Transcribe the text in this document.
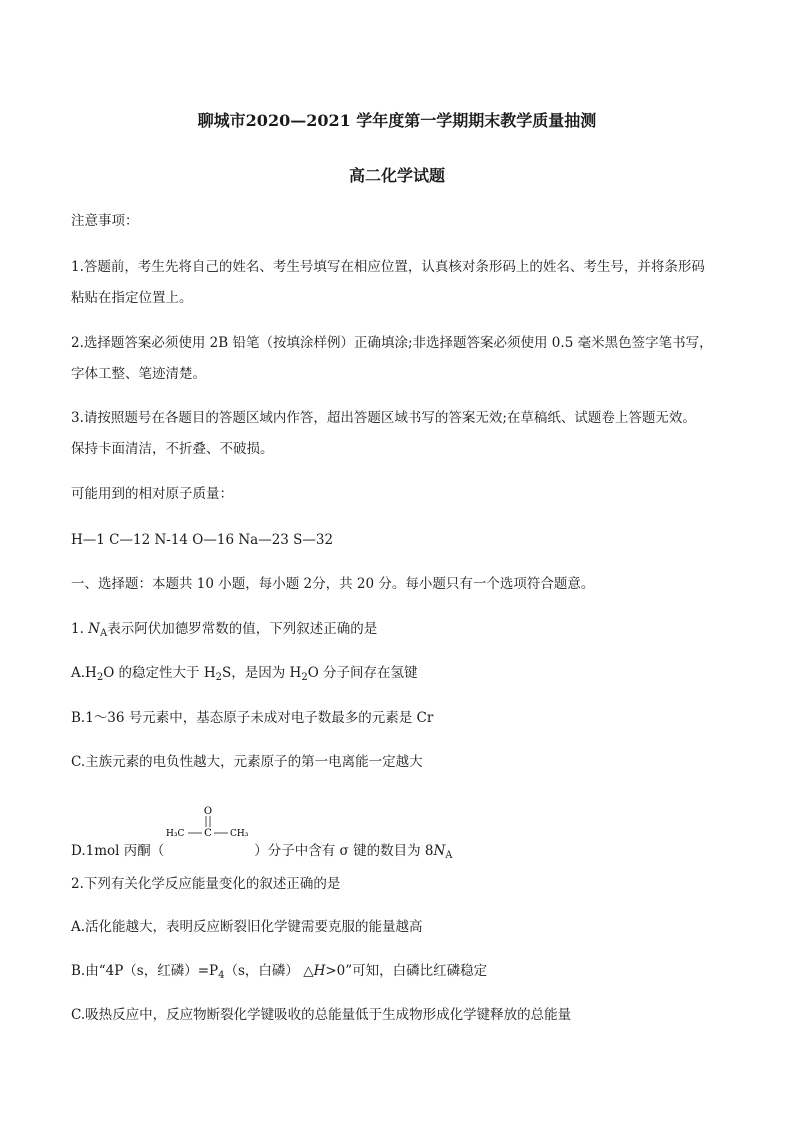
聊城市2020—2021 学年度第一学期期末教学质量抽测
高二化学试题
注意事项：
1.答题前，考生先将自己的姓名、考生号填写在相应位置，认真核对条形码上的姓名、考生号，并将条形码
粘贴在指定位置上。
2.选择题答案必须使用 2B 铅笔（按填涂样例）正确填涂;非选择题答案必须使用 0.5 毫米黑色签字笔书写，
字体工整、笔迹清楚。
3.请按照题号在各题目的答题区域内作答，超出答题区域书写的答案无效;在草稿纸、试题卷上答题无效。
保持卡面清洁，不折叠、不破损。
可能用到的相对原子质量：
H—1 C—12 N-14 O—16 Na—23 S—32
一、选择题：本题共 10 小题，每小题 2分，共 20 分。每小题只有一个选项符合题意。
1. $N_A$表示阿伏加德罗常数的值，下列叙述正确的是
$A.H_2O$ 的稳定性大于 $H_2S$，是因为 $H_2O$ 分子间存在氢键
B.1～36 号元素中，基态原子未成对电子数最多的元素是 Cr
C.主族元素的电负性越大，元素原子的第一电离能一定越大
D.1mol 丙酮（
O
H₃C C CH₃
）分子中含有 σ 键的数目为 $8N_A$
2.下列有关化学反应能量变化的叙述正确的是
A.活化能越大，表明反应断裂旧化学键需要克服的能量越高
B.由“4P（s，红磷）$=P_4(s$，白磷） △H>0”可知，白磷比红磷稳定
C.吸热反应中，反应物断裂化学键吸收的总能量低于生成物形成化学键释放的总能量
